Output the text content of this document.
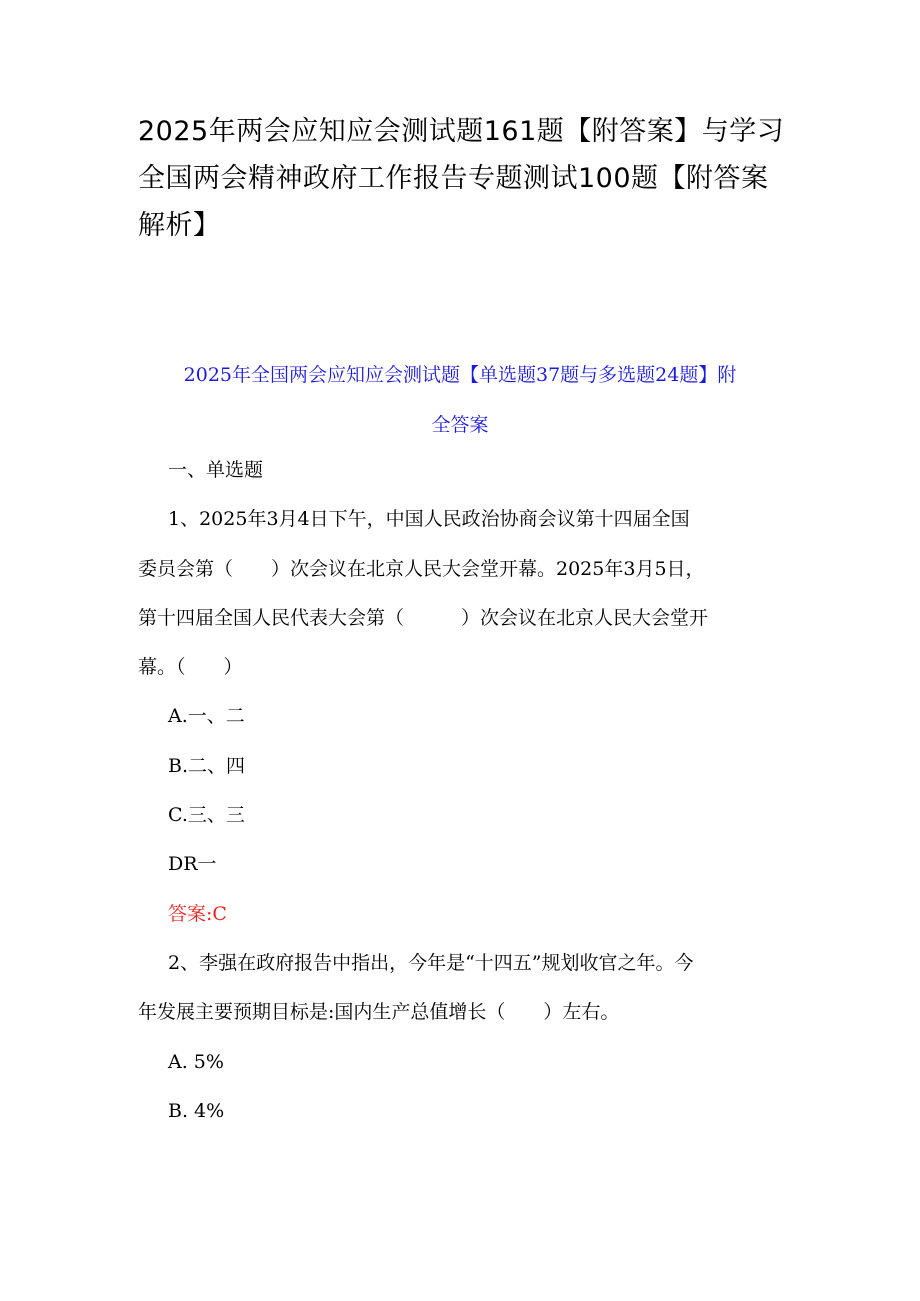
2025年两会应知应会测试题161题【附答案】与学习
全国两会精神政府工作报告专题测试100题【附答案
解析】
2025年全国两会应知应会测试题【单选题37题与多选题24题】附
全答案
一、单选题
1、2025年3月4日下午，中国人民政治协商会议第十四届全国
委员会第（　　）次会议在北京人民大会堂开幕。2025年3月5日，
第十四届全国人民代表大会第（　　　）次会议在北京人民大会堂开
幕。（　　）
A.一、二
B.二、四
C.三、三
DR一
答案:C
2、李强在政府报告中指出，今年是“十四五”规划收官之年。今
年发展主要预期目标是:国内生产总值增长（　　）左右。
A. 5%
B. 4%
